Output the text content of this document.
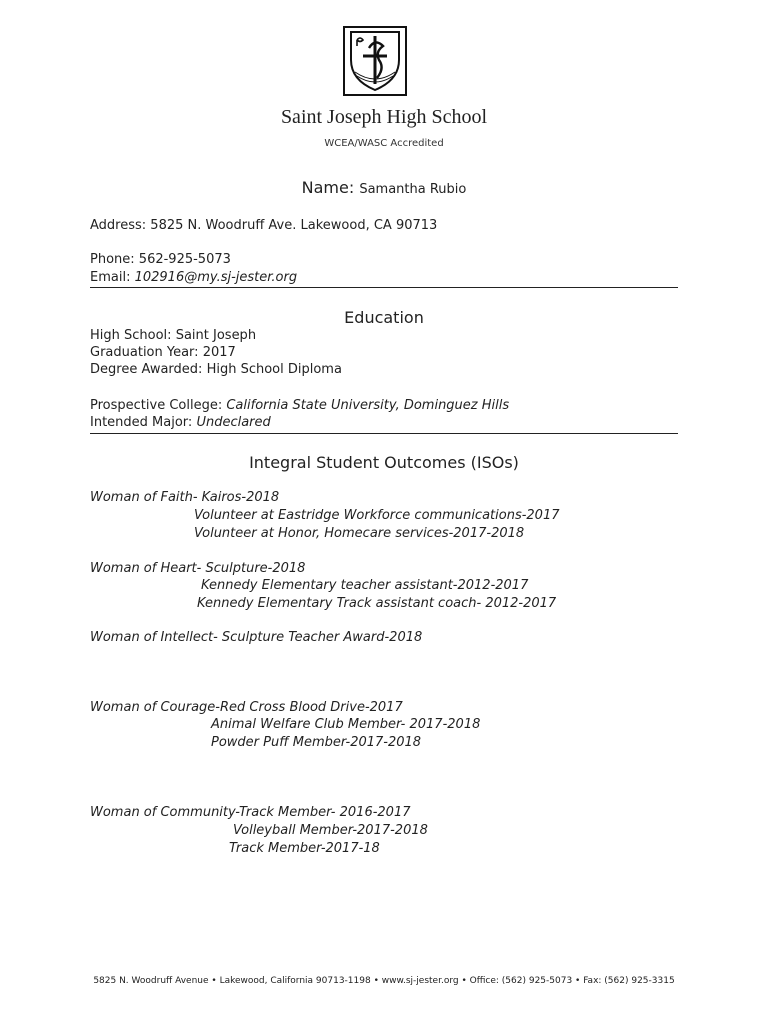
Saint Joseph High School
WCEA/WASC Accredited
Name: Samantha Rubio
Address: 5825 N. Woodruff Ave. Lakewood, CA 90713
Phone: 562-925-5073
Email: 102916@my.sj-jester.org
Education
High School: Saint Joseph
Graduation Year: 2017
Degree Awarded: High School Diploma
Prospective College: California State University, Dominguez Hills
Intended Major: Undeclared
Integral Student Outcomes (ISOs)
Woman of Faith- Kairos-2018
Volunteer at Eastridge Workforce communications-2017
Volunteer at Honor, Homecare services-2017-2018
Woman of Heart- Sculpture-2018
Kennedy Elementary teacher assistant-2012-2017
Kennedy Elementary Track assistant coach- 2012-2017
Woman of Intellect- Sculpture Teacher Award-2018
Woman of Courage-Red Cross Blood Drive-2017
Animal Welfare Club Member- 2017-2018
Powder Puff Member-2017-2018
Woman of Community-Track Member- 2016-2017
Volleyball Member-2017-2018
Track Member-2017-18
5825 N. Woodruff Avenue • Lakewood, California 90713-1198 • www.sj-jester.org • Office: (562) 925-5073 • Fax: (562) 925-3315
